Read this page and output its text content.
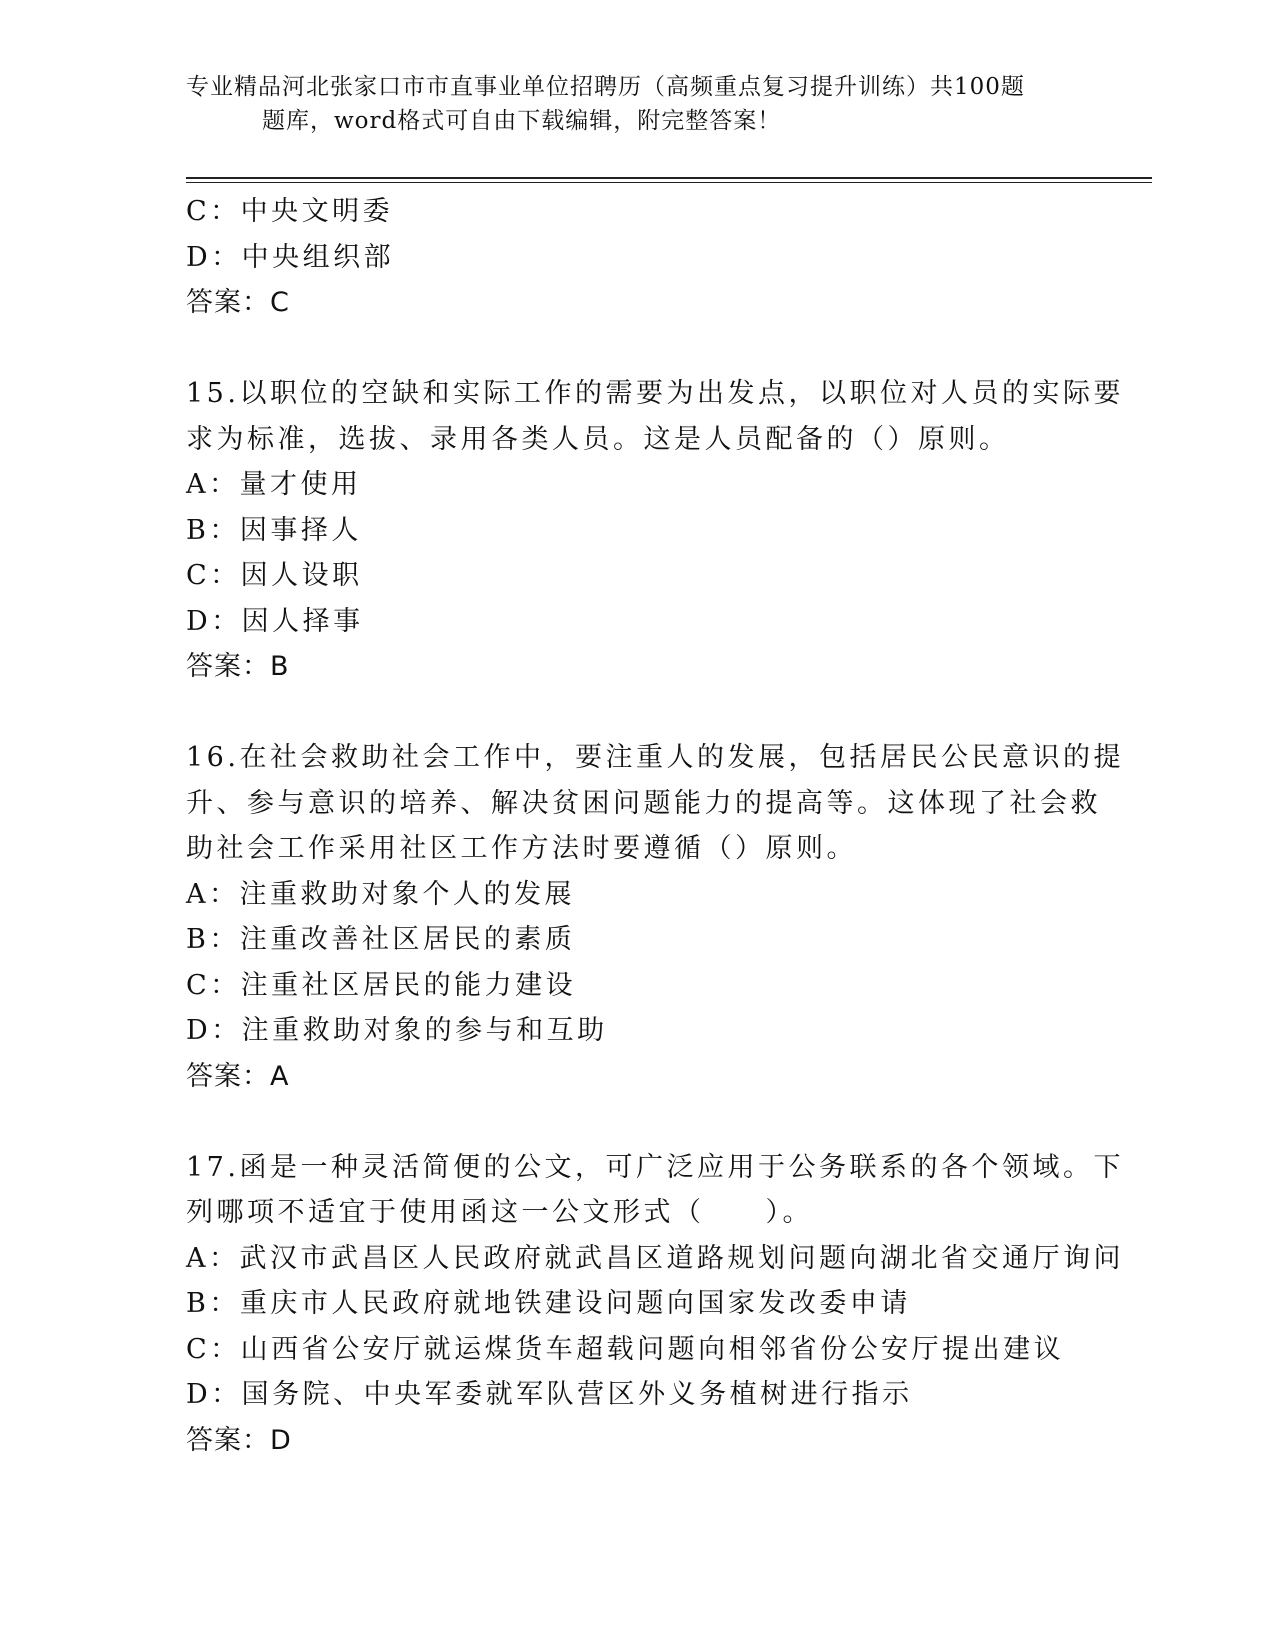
专业精品河北张家口市市直事业单位招聘历（高频重点复习提升训练）共100题
题库，word格式可自由下载编辑，附完整答案！
C：中央文明委
D：中央组织部
答案：C
15.以职位的空缺和实际工作的需要为出发点，以职位对人员的实际要
求为标准，选拔、录用各类人员。这是人员配备的（）原则。
A：量才使用
B：因事择人
C：因人设职
D：因人择事
答案：B
16.在社会救助社会工作中，要注重人的发展，包括居民公民意识的提
升、参与意识的培养、解决贫困问题能力的提高等。这体现了社会救
助社会工作采用社区工作方法时要遵循（）原则。
A：注重救助对象个人的发展
B：注重改善社区居民的素质
C：注重社区居民的能力建设
D：注重救助对象的参与和互助
答案：A
17.函是一种灵活简便的公文，可广泛应用于公务联系的各个领域。下
列哪项不适宜于使用函这一公文形式（　　）。
A：武汉市武昌区人民政府就武昌区道路规划问题向湖北省交通厅询问
B：重庆市人民政府就地铁建设问题向国家发改委申请
C：山西省公安厅就运煤货车超载问题向相邻省份公安厅提出建议
D：国务院、中央军委就军队营区外义务植树进行指示
答案：D
